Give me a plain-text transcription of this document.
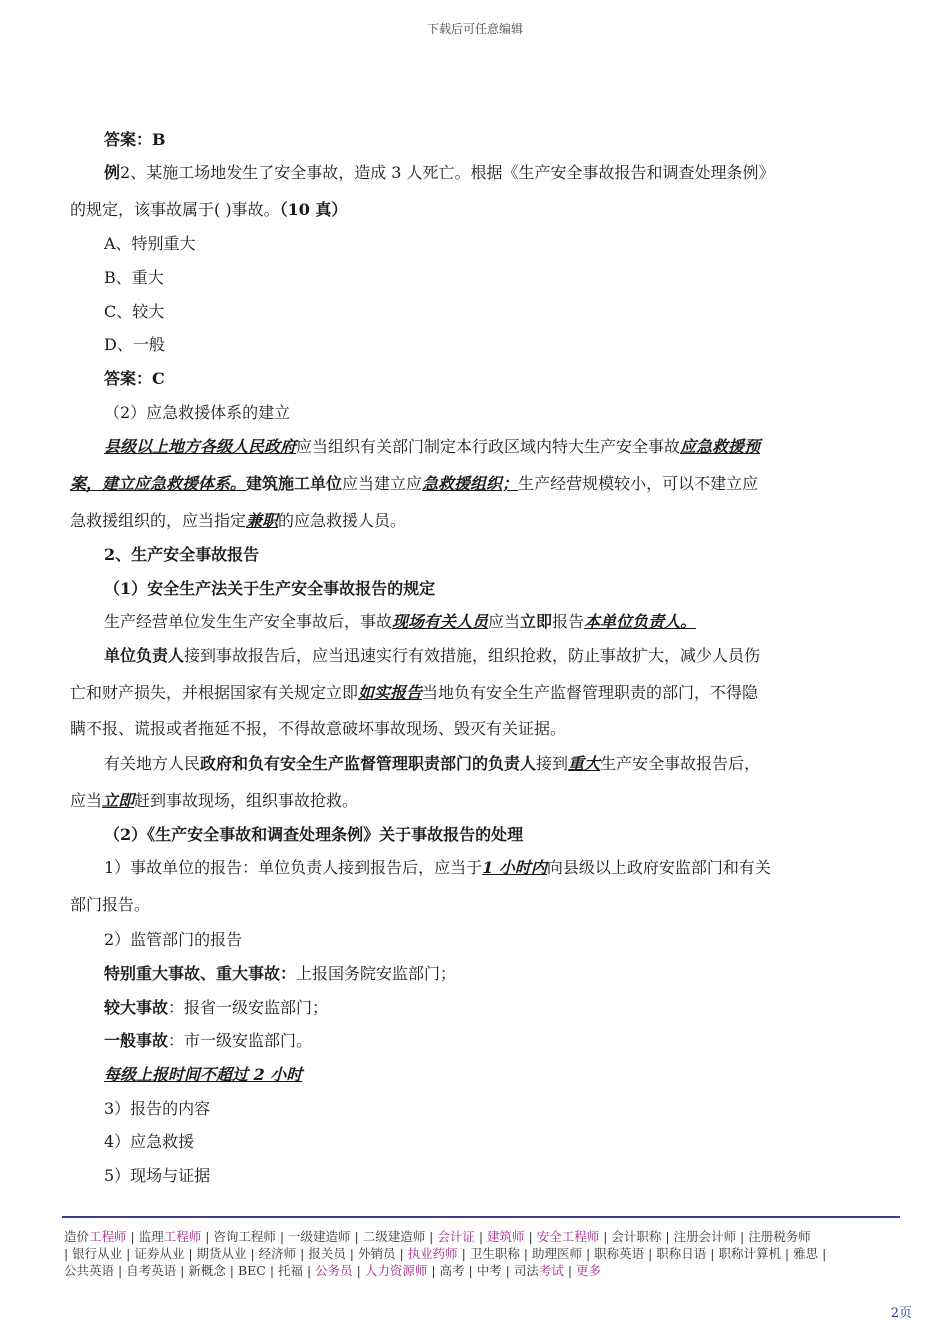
下载后可任意编辑
答案：B
例2、某施工场地发生了安全事故，造成 3 人死亡。根据《生产安全事故报告和调查处理条例》
的规定，该事故属于( )事故。（10 真）
A、特别重大
B、重大
C、较大
D、一般
答案：C
（2）应急救援体系的建立
县级以上地方各级人民政府应当组织有关部门制定本行政区域内特大生产安全事故应急救援预
案，建立应急救援体系。建筑施工单位应当建立应急救援组织；生产经营规模较小，可以不建立应
急救援组织的，应当指定兼职的应急救援人员。
2、生产安全事故报告
（1）安全生产法关于生产安全事故报告的规定
生产经营单位发生生产安全事故后，事故现场有关人员应当立即报告本单位负责人。
单位负责人接到事故报告后，应当迅速实行有效措施，组织抢救，防止事故扩大，减少人员伤
亡和财产损失，并根据国家有关规定立即如实报告当地负有安全生产监督管理职责的部门，不得隐
瞒不报、谎报或者拖延不报，不得故意破坏事故现场、毁灭有关证据。
有关地方人民政府和负有安全生产监督管理职责部门的负责人接到重大生产安全事故报告后，
应当立即赶到事故现场，组织事故抢救。
（2）《生产安全事故和调查处理条例》关于事故报告的处理
1）事故单位的报告：单位负责人接到报告后，应当于1 小时内向县级以上政府安监部门和有关
部门报告。
2）监管部门的报告
特别重大事故、重大事故：上报国务院安监部门；
较大事故：报省一级安监部门；
一般事故：市一级安监部门。
每级上报时间不超过 2 小时
3）报告的内容
4）应急救援
5）现场与证据
造价工程师 | 监理工程师 | 咨询工程师 | 一级建造师 | 二级建造师 | 会计证 | 建筑师 | 安全工程师 | 会计职称 | 注册会计师 | 注册税务师
| 银行从业 | 证券从业 | 期货从业 | 经济师 | 报关员 | 外销员 | 执业药师 | 卫生职称 | 助理医师 | 职称英语 | 职称日语 | 职称计算机 | 雅思 |
公共英语 | 自考英语 | 新概念 | BEC | 托福 | 公务员 | 人力资源师 | 高考 | 中考 | 司法考试 | 更多
2页
